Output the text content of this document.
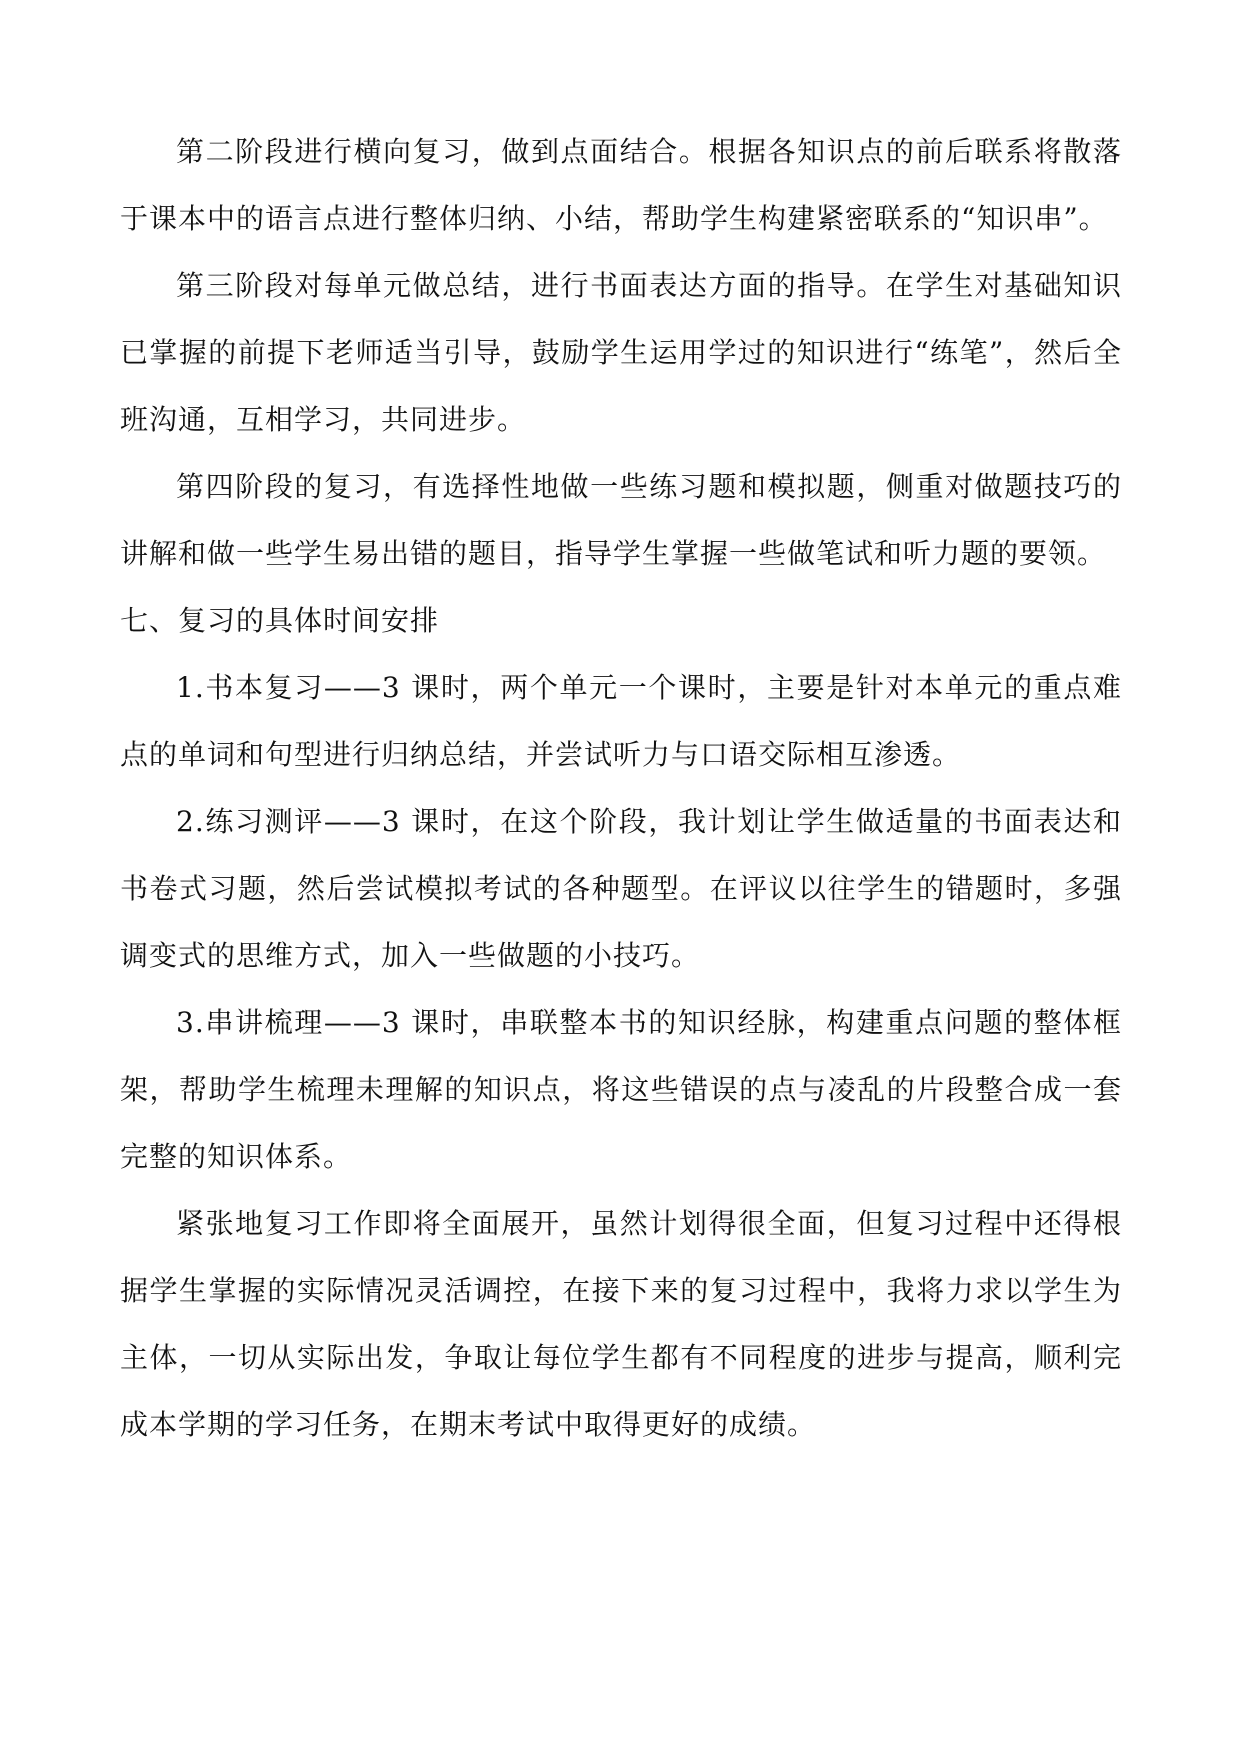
第二阶段进行横向复习，做到点面结合。根据各知识点的前后联系将散落于课本中的语言点进行整体归纳、小结，帮助学生构建紧密联系的“知识串”。

第三阶段对每单元做总结，进行书面表达方面的指导。在学生对基础知识已掌握的前提下老师适当引导，鼓励学生运用学过的知识进行“练笔”，然后全班沟通，互相学习，共同进步。

第四阶段的复习，有选择性地做一些练习题和模拟题，侧重对做题技巧的讲解和做一些学生易出错的题目，指导学生掌握一些做笔试和听力题的要领。

七、复习的具体时间安排

1.书本复习——3 课时，两个单元一个课时，主要是针对本单元的重点难点的单词和句型进行归纳总结，并尝试听力与口语交际相互渗透。

2.练习测评——3 课时，在这个阶段，我计划让学生做适量的书面表达和书卷式习题，然后尝试模拟考试的各种题型。在评议以往学生的错题时，多强调变式的思维方式，加入一些做题的小技巧。

3.串讲梳理——3 课时，串联整本书的知识经脉，构建重点问题的整体框架，帮助学生梳理未理解的知识点，将这些错误的点与凌乱的片段整合成一套完整的知识体系。

紧张地复习工作即将全面展开，虽然计划得很全面，但复习过程中还得根据学生掌握的实际情况灵活调控，在接下来的复习过程中，我将力求以学生为主体，一切从实际出发，争取让每位学生都有不同程度的进步与提高，顺利完成本学期的学习任务，在期末考试中取得更好的成绩。
